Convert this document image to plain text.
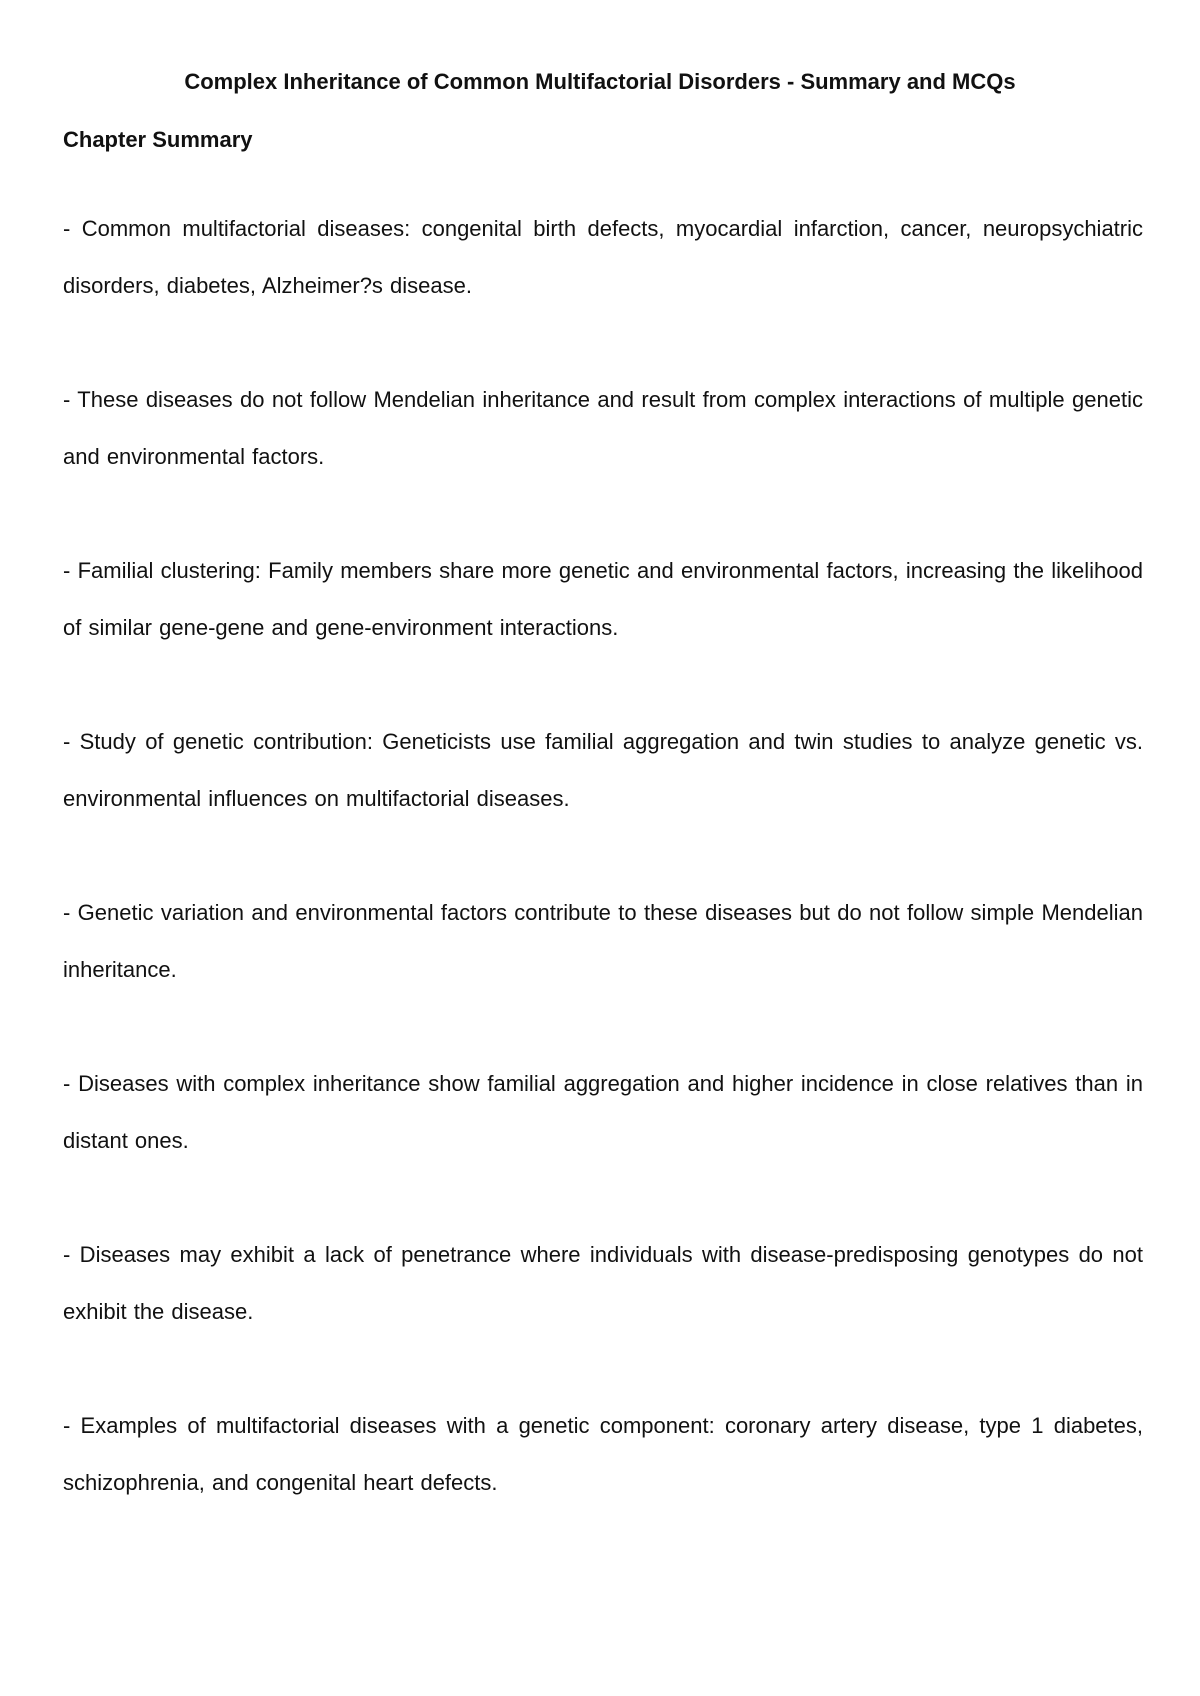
Complex Inheritance of Common Multifactorial Disorders - Summary and MCQs
Chapter Summary
- Common multifactorial diseases: congenital birth defects, myocardial infarction, cancer, neuropsychiatric disorders, diabetes, Alzheimer?s disease.
- These diseases do not follow Mendelian inheritance and result from complex interactions of multiple genetic and environmental factors.
- Familial clustering: Family members share more genetic and environmental factors, increasing the likelihood of similar gene-gene and gene-environment interactions.
- Study of genetic contribution: Geneticists use familial aggregation and twin studies to analyze genetic vs. environmental influences on multifactorial diseases.
- Genetic variation and environmental factors contribute to these diseases but do not follow simple Mendelian inheritance.
- Diseases with complex inheritance show familial aggregation and higher incidence in close relatives than in distant ones.
- Diseases may exhibit a lack of penetrance where individuals with disease-predisposing genotypes do not exhibit the disease.
- Examples of multifactorial diseases with a genetic component: coronary artery disease, type 1 diabetes, schizophrenia, and congenital heart defects.
